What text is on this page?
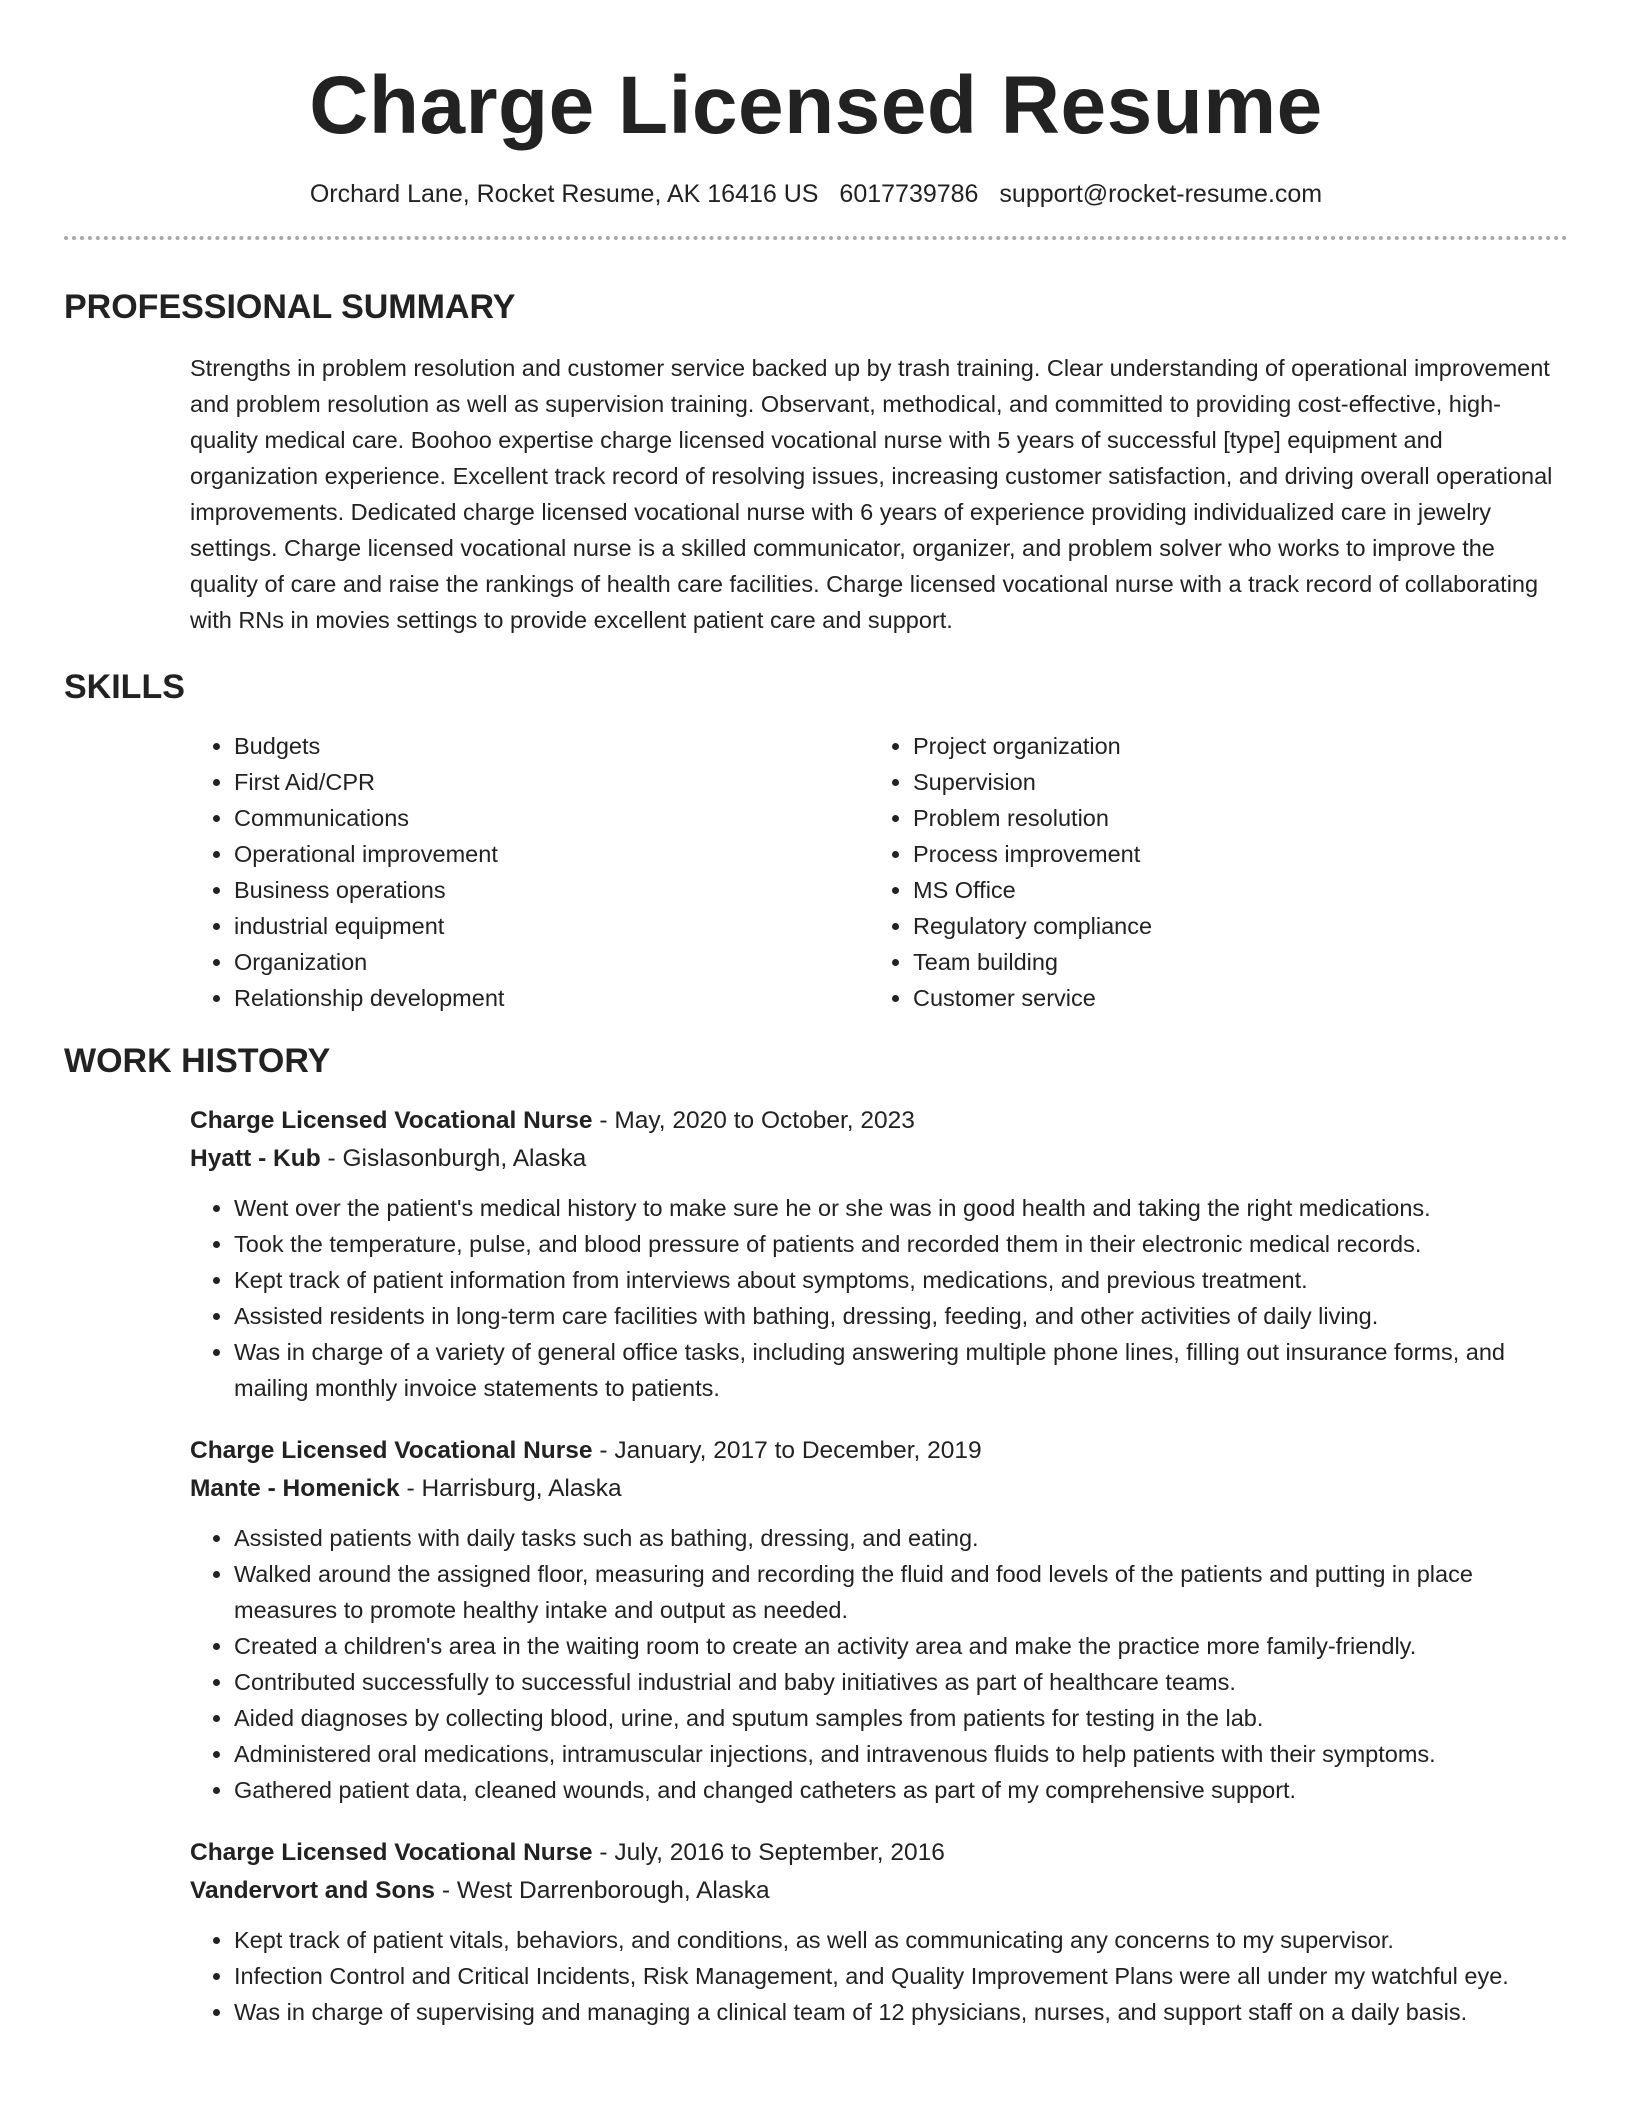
Charge Licensed Resume
Orchard Lane, Rocket Resume, AK 16416 US 6017739786 support@rocket-resume.com
PROFESSIONAL SUMMARY

Strengths in problem resolution and customer service backed up by trash training. Clear understanding of operational improvement and problem resolution as well as supervision training. Observant, methodical, and committed to providing cost-effective, high-quality medical care. Boohoo expertise charge licensed vocational nurse with 5 years of successful [type] equipment and organization experience. Excellent track record of resolving issues, increasing customer satisfaction, and driving overall operational improvements. Dedicated charge licensed vocational nurse with 6 years of experience providing individualized care in jewelry settings. Charge licensed vocational nurse is a skilled communicator, organizer, and problem solver who works to improve the quality of care and raise the rankings of health care facilities. Charge licensed vocational nurse with a track record of collaborating with RNs in movies settings to provide excellent patient care and support.

SKILLS
• Budgets
• First Aid/CPR
• Communications
• Operational improvement
• Business operations
• industrial equipment
• Organization
• Relationship development
• Project organization
• Supervision
• Problem resolution
• Process improvement
• MS Office
• Regulatory compliance
• Team building
• Customer service
WORK HISTORY
Charge Licensed Vocational Nurse - May, 2020 to October, 2023
Hyatt - Kub - Gislasonburgh, Alaska
• Went over the patient's medical history to make sure he or she was in good health and taking the right medications.
• Took the temperature, pulse, and blood pressure of patients and recorded them in their electronic medical records.
• Kept track of patient information from interviews about symptoms, medications, and previous treatment.
• Assisted residents in long-term care facilities with bathing, dressing, feeding, and other activities of daily living.
• Was in charge of a variety of general office tasks, including answering multiple phone lines, filling out insurance forms, and mailing monthly invoice statements to patients.
Charge Licensed Vocational Nurse - January, 2017 to December, 2019
Mante - Homenick - Harrisburg, Alaska
• Assisted patients with daily tasks such as bathing, dressing, and eating.
• Walked around the assigned floor, measuring and recording the fluid and food levels of the patients and putting in place measures to promote healthy intake and output as needed.
• Created a children's area in the waiting room to create an activity area and make the practice more family-friendly.
• Contributed successfully to successful industrial and baby initiatives as part of healthcare teams.
• Aided diagnoses by collecting blood, urine, and sputum samples from patients for testing in the lab.
• Administered oral medications, intramuscular injections, and intravenous fluids to help patients with their symptoms.
• Gathered patient data, cleaned wounds, and changed catheters as part of my comprehensive support.
Charge Licensed Vocational Nurse - July, 2016 to September, 2016
Vandervort and Sons - West Darrenborough, Alaska
• Kept track of patient vitals, behaviors, and conditions, as well as communicating any concerns to my supervisor.
• Infection Control and Critical Incidents, Risk Management, and Quality Improvement Plans were all under my watchful eye.
• Was in charge of supervising and managing a clinical team of 12 physicians, nurses, and support staff on a daily basis.
